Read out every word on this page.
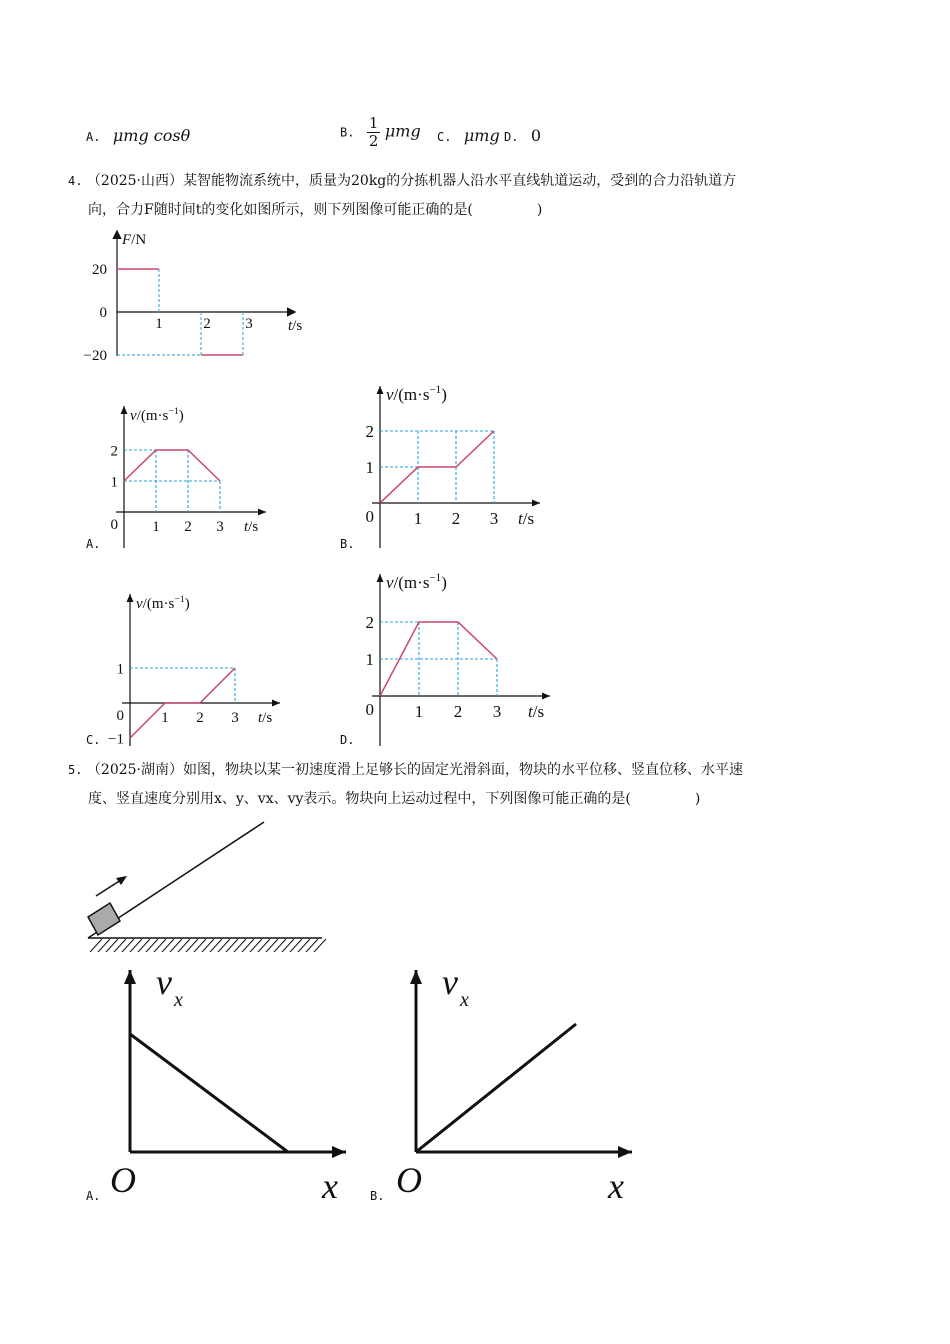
A. μmg cosθ	B. $\frac{1}{2}$ μmg C. μmg D. 0
4. （2025·山西）某智能物流系统中，质量为20kg的分拣机器人沿水平直线轨道运动，受到的合力沿轨道方
向，合力F随时间t的变化如图所示，则下列图像可能正确的是(	)
F/N
t/s
20
0
−20
1	2 3
$v/(m\cdot s^{-1})$
t/s
0 1 2 3
1
2
A.
$v/(m\cdot s^{-1})$
t/s
0 1 2 3
1
2
B.
$v/(m\cdot s^{-1})$
t/s
0 1 2 3
1
−1
C.
$v/(m\cdot s^{-1})$
t/s
0 1 2 3
1
2
D.
5. （2025·湖南）如图，物块以某一初速度滑上足够长的固定光滑斜面，物块的水平位移、竖直位移、水平速
度、竖直速度分别用x、y、vx、vy表示。物块向上运动过程中，下列图像可能正确的是(	)
v x
O	x
A.
v x
O	x
B.
